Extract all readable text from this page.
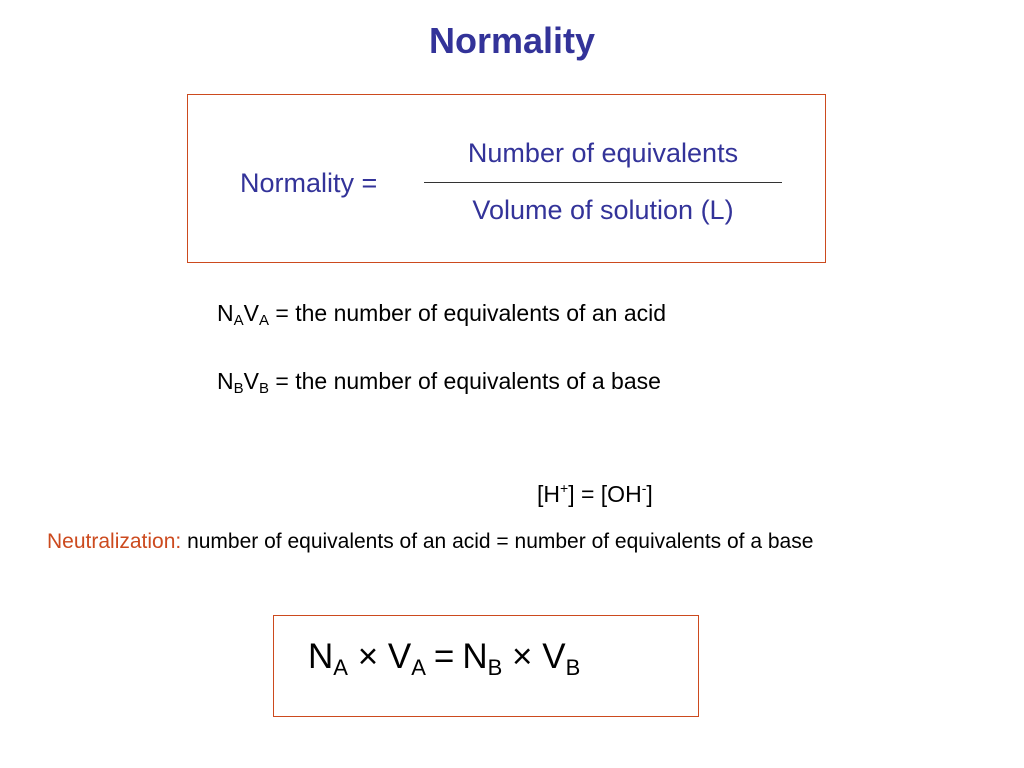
Normality
Normality =
Number of equivalents
Volume of solution (L)
$N_AV_A$ = the number of equivalents of an acid
$N_BV_B$ = the number of equivalents of a base
[H+] = [OH-]
Neutralization: number of equivalents of an acid = number of equivalents of a base
$N_A \times V_A = N_B \times V_B$
